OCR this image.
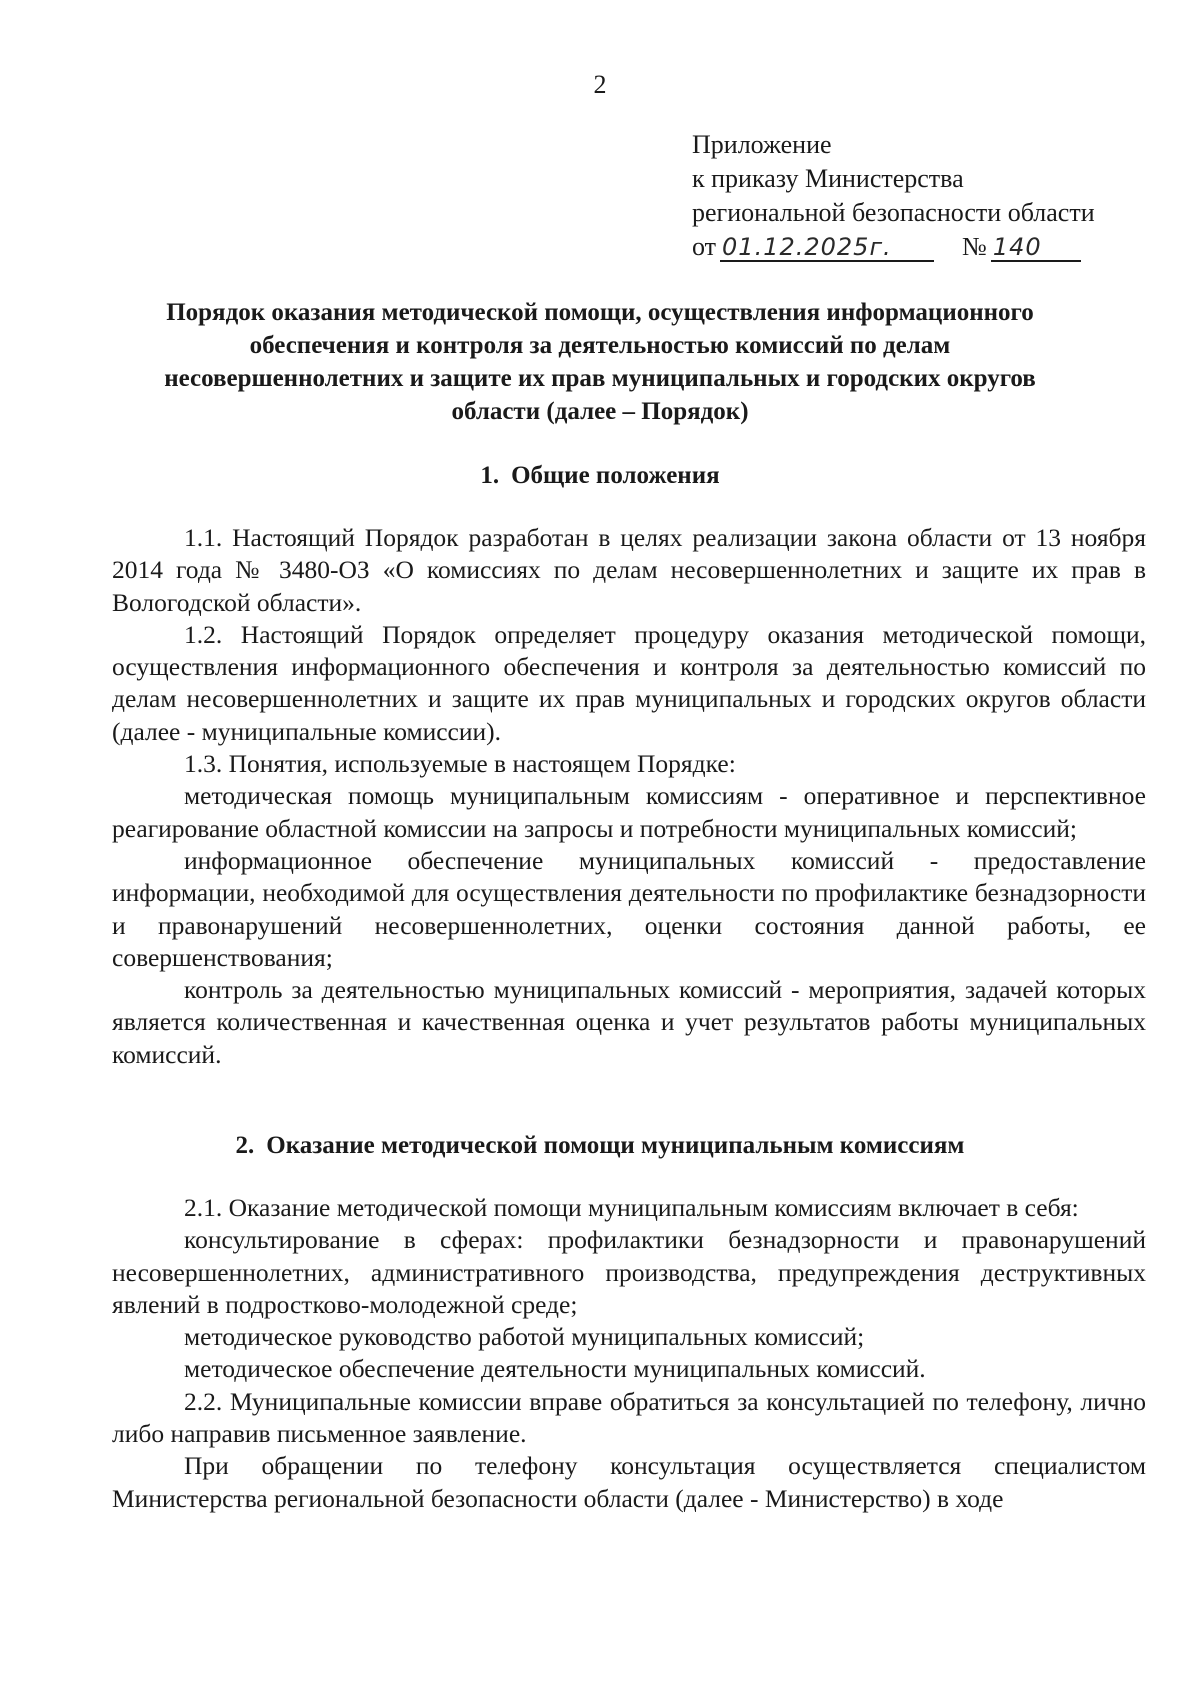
2
Приложение
к приказу Министерства
региональной безопасности области
от 01.12.2025г.	№ 140
Порядок оказания методической помощи, осуществления информационного
обеспечения и контроля за деятельностью комиссий по делам
несовершеннолетних и защите их прав муниципальных и городских округов
области (далее – Порядок)
1. Общие положения

1.1. Настоящий Порядок разработан в целях реализации закона области от 13 ноября 2014 года № 3480-ОЗ «О комиссиях по делам несовершеннолетних и защите их прав в Вологодской области».

1.2. Настоящий Порядок определяет процедуру оказания методической помощи, осуществления информационного обеспечения и контроля за деятельностью комиссий по делам несовершеннолетних и защите их прав муниципальных и городских округов области (далее - муниципальные комиссии).

1.3. Понятия, используемые в настоящем Порядке:

методическая помощь муниципальным комиссиям - оперативное и перспективное реагирование областной комиссии на запросы и потребности муниципальных комиссий;

информационное обеспечение муниципальных комиссий - предоставление информации, необходимой для осуществления деятельности по профилактике безнадзорности и правонарушений несовершеннолетних, оценки состояния данной работы, ее совершенствования;

контроль за деятельностью муниципальных комиссий - мероприятия, задачей которых является количественная и качественная оценка и учет результатов работы муниципальных комиссий.

2. Оказание методической помощи муниципальным комиссиям

2.1. Оказание методической помощи муниципальным комиссиям включает в себя:

консультирование в сферах: профилактики безнадзорности и правонарушений несовершеннолетних, административного производства, предупреждения деструктивных явлений в подростково-молодежной среде;

методическое руководство работой муниципальных комиссий;

методическое обеспечение деятельности муниципальных комиссий.

2.2. Муниципальные комиссии вправе обратиться за консультацией по телефону, лично либо направив письменное заявление.

При обращении по телефону консультация осуществляется специалистом Министерства региональной безопасности области (далее - Министерство) в ходе
